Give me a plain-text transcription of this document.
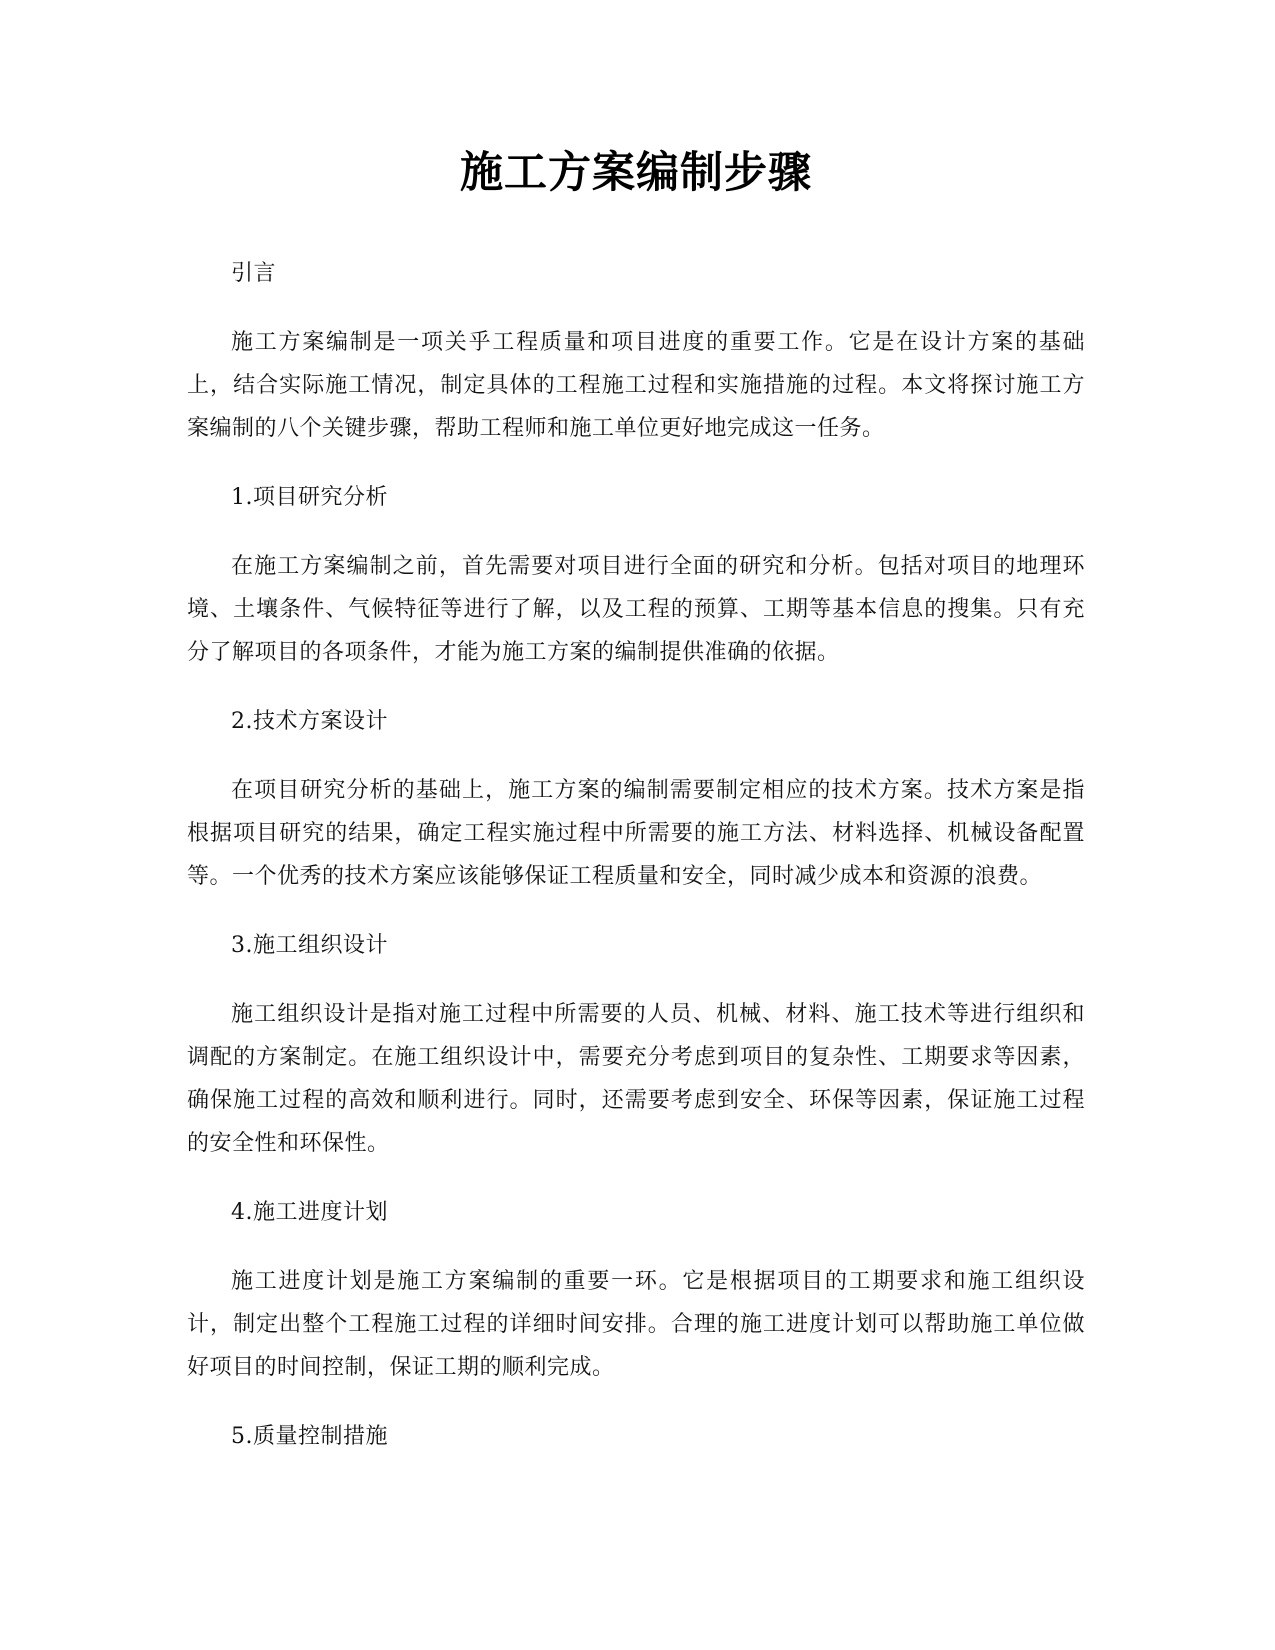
施工方案编制步骤

引言

施工方案编制是一项关乎工程质量和项目进度的重要工作。它是在设计方案的基础上，结合实际施工情况，制定具体的工程施工过程和实施措施的过程。本文将探讨施工方案编制的八个关键步骤，帮助工程师和施工单位更好地完成这一任务。

1.项目研究分析

在施工方案编制之前，首先需要对项目进行全面的研究和分析。包括对项目的地理环境、土壤条件、气候特征等进行了解，以及工程的预算、工期等基本信息的搜集。只有充分了解项目的各项条件，才能为施工方案的编制提供准确的依据。

2.技术方案设计

在项目研究分析的基础上，施工方案的编制需要制定相应的技术方案。技术方案是指根据项目研究的结果，确定工程实施过程中所需要的施工方法、材料选择、机械设备配置等。一个优秀的技术方案应该能够保证工程质量和安全，同时减少成本和资源的浪费。

3.施工组织设计

施工组织设计是指对施工过程中所需要的人员、机械、材料、施工技术等进行组织和调配的方案制定。在施工组织设计中，需要充分考虑到项目的复杂性、工期要求等因素，确保施工过程的高效和顺利进行。同时，还需要考虑到安全、环保等因素，保证施工过程的安全性和环保性。

4.施工进度计划

施工进度计划是施工方案编制的重要一环。它是根据项目的工期要求和施工组织设计，制定出整个工程施工过程的详细时间安排。合理的施工进度计划可以帮助施工单位做好项目的时间控制，保证工期的顺利完成。

5.质量控制措施
